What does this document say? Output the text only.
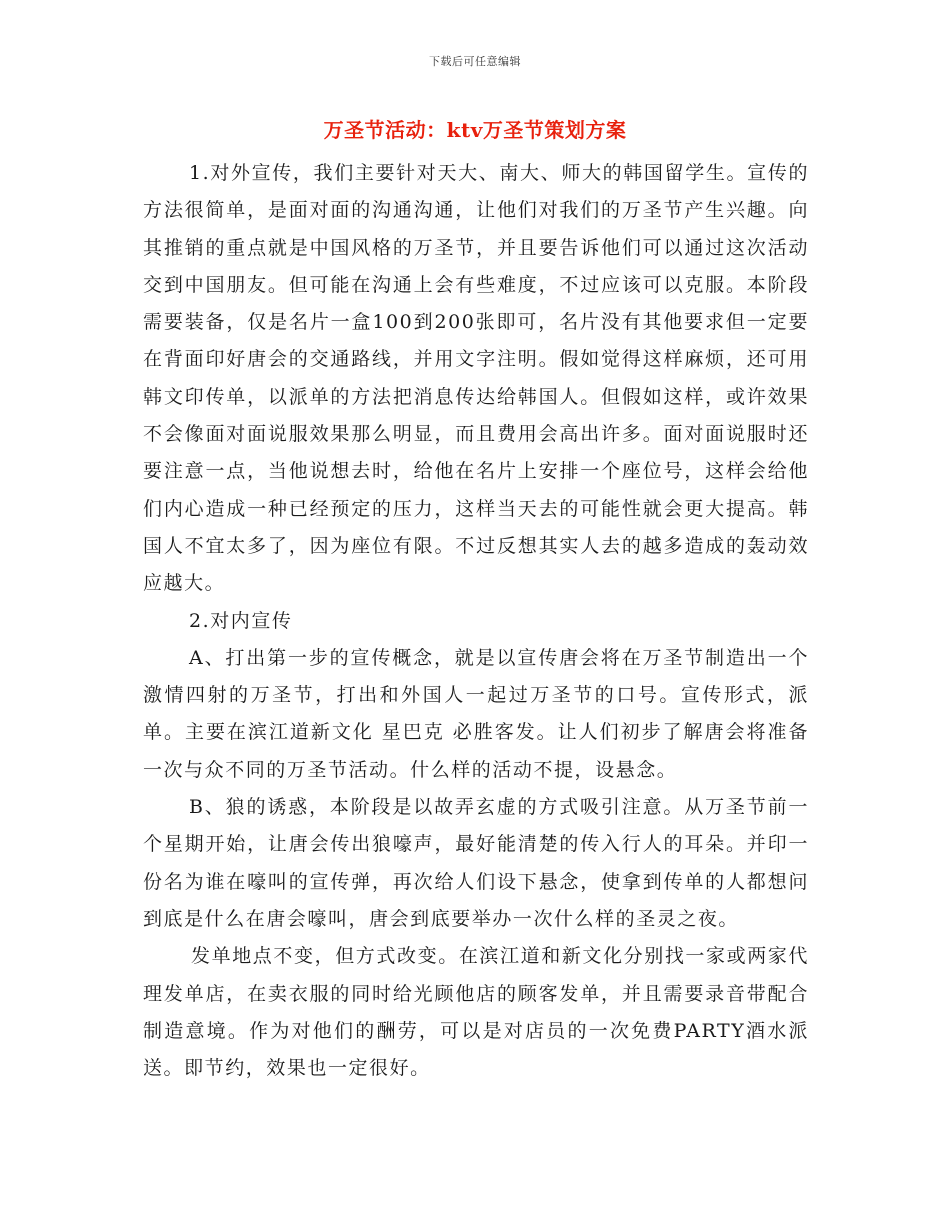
下载后可任意编辑
万圣节活动：ktv万圣节策划方案

1.对外宣传，我们主要针对天大、南大、师大的韩国留学生。宣传的方法很简单，是面对面的沟通沟通，让他们对我们的万圣节产生兴趣。向其推销的重点就是中国风格的万圣节，并且要告诉他们可以通过这次活动交到中国朋友。但可能在沟通上会有些难度，不过应该可以克服。本阶段需要装备，仅是名片一盒100到200张即可，名片没有其他要求但一定要在背面印好唐会的交通路线，并用文字注明。假如觉得这样麻烦，还可用韩文印传单，以派单的方法把消息传达给韩国人。但假如这样，或许效果不会像面对面说服效果那么明显，而且费用会高出许多。面对面说服时还要注意一点，当他说想去时，给他在名片上安排一个座位号，这样会给他们内心造成一种已经预定的压力，这样当天去的可能性就会更大提高。韩国人不宜太多了，因为座位有限。不过反想其实人去的越多造成的轰动效应越大。

2.对内宣传

A、打出第一步的宣传概念，就是以宣传唐会将在万圣节制造出一个激情四射的万圣节，打出和外国人一起过万圣节的口号。宣传形式，派单。主要在滨江道新文化 星巴克 必胜客发。让人们初步了解唐会将准备一次与众不同的万圣节活动。什么样的活动不提，设悬念。

B、狼的诱惑，本阶段是以故弄玄虚的方式吸引注意。从万圣节前一个星期开始，让唐会传出狼嚎声，最好能清楚的传入行人的耳朵。并印一份名为谁在嚎叫的宣传弹，再次给人们设下悬念，使拿到传单的人都想问到底是什么在唐会嚎叫，唐会到底要举办一次什么样的圣灵之夜。

发单地点不变，但方式改变。在滨江道和新文化分别找一家或两家代理发单店，在卖衣服的同时给光顾他店的顾客发单，并且需要录音带配合制造意境。作为对他们的酬劳，可以是对店员的一次免费PARTY酒水派送。即节约，效果也一定很好。
